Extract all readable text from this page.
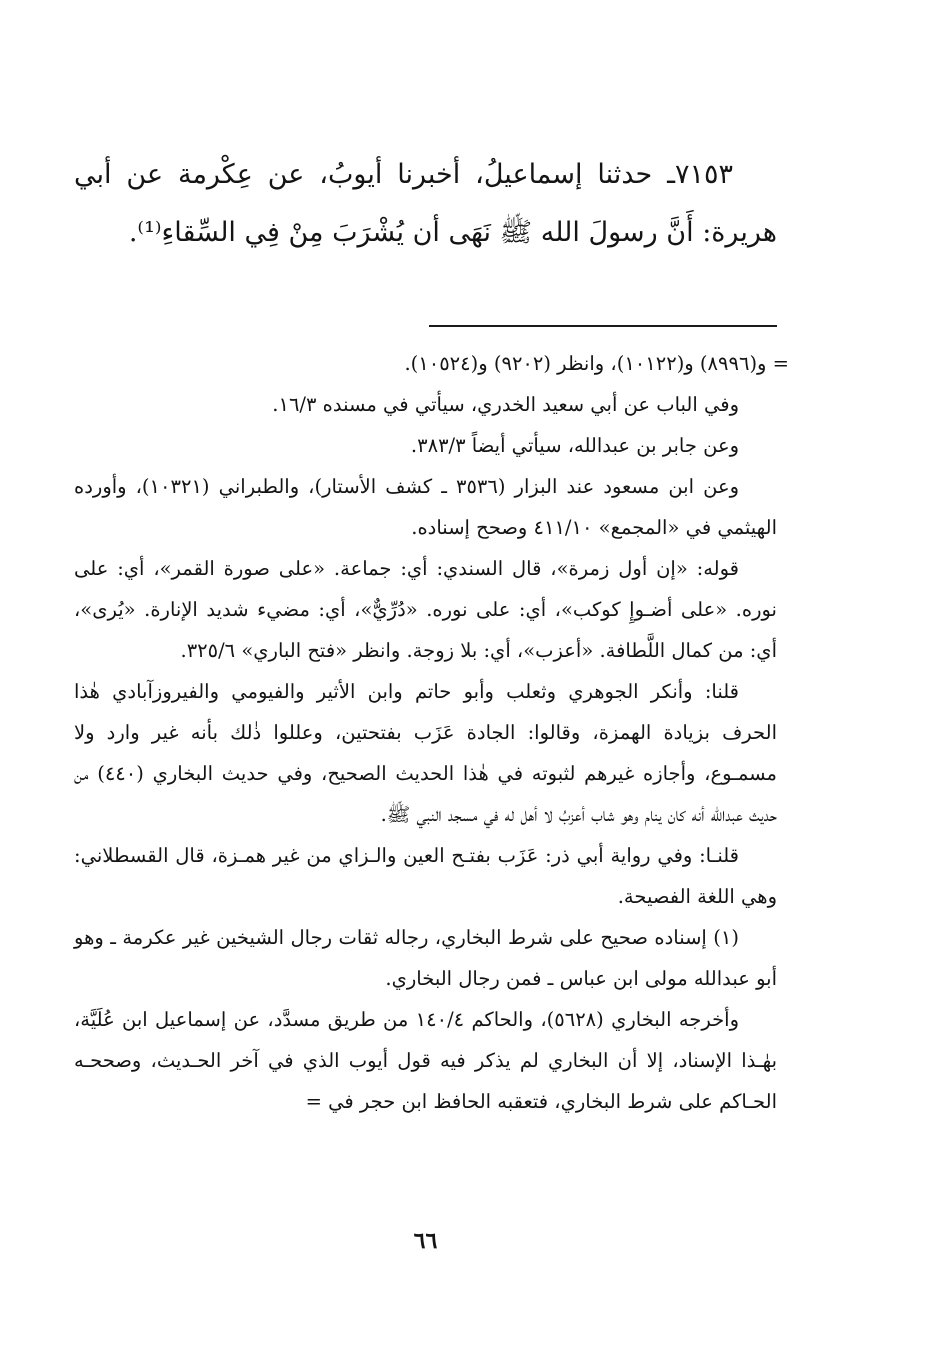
٧١٥٣ـ حدثنا إسماعيلُ، أخبرنا أيوبُ، عن عِكْرمة عن أبي هريرة: أَنَّ رسولَ الله ﷺ نَهَى أن يُشْرَبَ مِنْ فِي السِّقاءِ⁽¹⁾.

= و(٨٩٩٦) و(١٠١٢٢)، وانظر (٩٢٠٢) و(١٠٥٢٤).

وفي الباب عن أبي سعيد الخدري، سيأتي في مسنده ١٦/٣.

وعن جابر بن عبدالله، سيأتي أيضاً ٣٨٣/٣.

وعن ابن مسعود عند البزار (٣٥٣٦ ـ كشف الأستار)، والطبراني (١٠٣٢١)، وأورده الهيثمي في «المجمع» ٤١١/١٠ وصحح إسناده.

قوله: «إن أول زمرة»، قال السندي: أي: جماعة. «على صورة القمر»، أي: على نوره. «على أضـوإِ كوكب»، أي: على نوره. «دُرِّيٌّ»، أي: مضيء شديد الإنارة. «يُرى»، أي: من كمال اللَّطافة. «أعزب»، أي: بلا زوجة. وانظر «فتح الباري» ٣٢٥/٦.

قلنا: وأنكر الجوهري وثعلب وأبو حاتم وابن الأثير والفيومي والفيروزآبادي هٰذا الحرف بزيادة الهمزة، وقالوا: الجادة عَزَب بفتحتين، وعللوا ذٰلك بأنه غير وارد ولا مسمـوع، وأجازه غيرهم لثبوته في هٰذا الحديث الصحيح، وفي حديث البخاري (٤٤٠) من حديث عبدالله أنه كان ينام وهو شاب أعزبُ لا أهل له في مسجد النبي ﷺ.

قلنـا: وفي رواية أبي ذر: عَزَب بفتـح العين والـزاي من غير همـزة، قال القسطلاني: وهي اللغة الفصيحة.

(١) إسناده صحيح على شرط البخاري، رجاله ثقات رجال الشيخين غير عكرمة ـ وهو أبو عبدالله مولى ابن عباس ـ فمن رجال البخاري.

وأخرجه البخاري (٥٦٢٨)، والحاكم ١٤٠/٤ من طريق مسدَّد، عن إسماعيل ابن عُلَيَّة، بهٰـذا الإسناد، إلا أن البخاري لم يذكر فيه قول أيوب الذي في آخر الحـديث، وصححـه الحـاكم على شرط البخاري، فتعقبه الحافظ ابن حجر في =

٦٦
